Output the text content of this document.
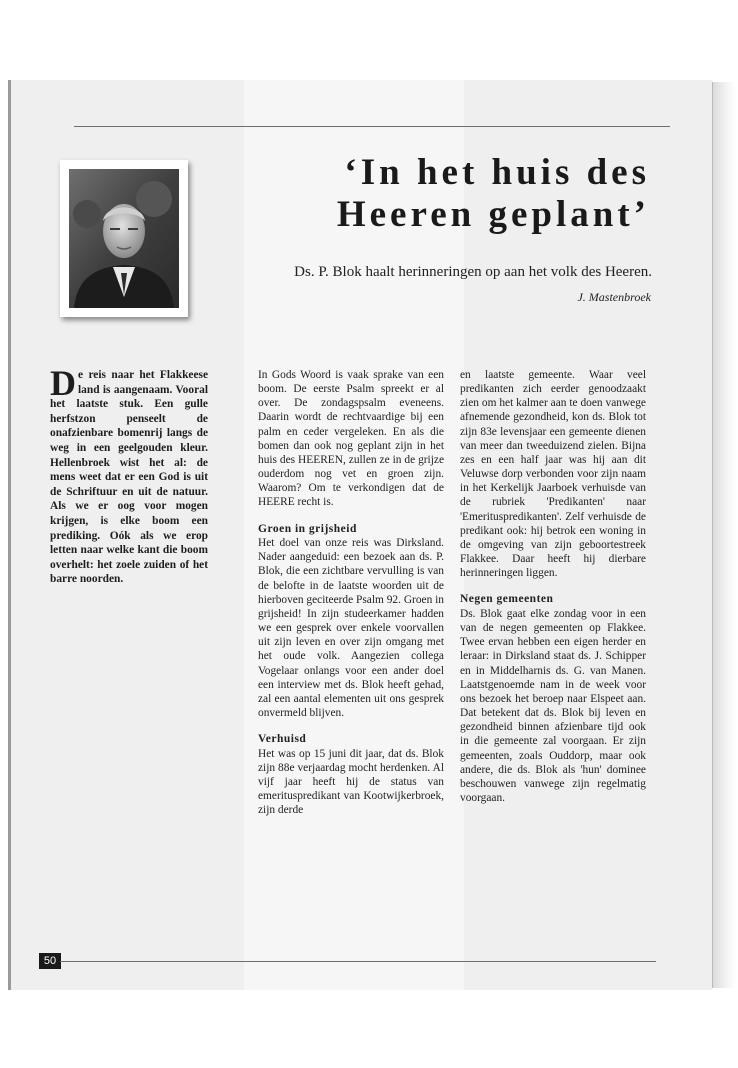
‘In het huis des Heeren geplant’
Ds. P. Blok haalt herinneringen op aan het volk des Heeren.
J. Mastenbroek

De reis naar het Flakkeese land is aangenaam. Vooral het laatste stuk. Een gulle herfstzon penseelt de onafzienbare bomenrij langs de weg in een geelgouden kleur. Hellenbroek wist het al: de mens weet dat er een God is uit de Schriftuur en uit de natuur. Als we er oog voor mogen krijgen, is elke boom een prediking. Oók als we erop letten naar welke kant die boom overhelt: het zoele zuiden of het barre noorden.

In Gods Woord is vaak sprake van een boom. De eerste Psalm spreekt er al over. De zondagspsalm eveneens. Daarin wordt de rechtvaardige bij een palm en ceder vergeleken. En als die bomen dan ook nog geplant zijn in het huis des HEEREN, zullen ze in de grijze ouderdom nog vet en groen zijn. Waarom? Om te verkondigen dat de HEERE recht is.

Groen in grijsheid

Het doel van onze reis was Dirksland. Nader aangeduid: een bezoek aan ds. P. Blok, die een zichtbare vervulling is van de belofte in de laatste woorden uit de hierboven geciteerde Psalm 92. Groen in grijsheid! In zijn studeerkamer hadden we een gesprek over enkele voorvallen uit zijn leven en over zijn omgang met het oude volk. Aangezien collega Vogelaar onlangs voor een ander doel een interview met ds. Blok heeft gehad, zal een aantal elementen uit ons gesprek onvermeld blijven.

Verhuisd

Het was op 15 juni dit jaar, dat ds. Blok zijn 88e verjaardag mocht herdenken. Al vijf jaar heeft hij de status van emerituspredikant van Kootwijkerbroek, zijn derde

en laatste gemeente. Waar veel predikanten zich eerder genoodzaakt zien om het kalmer aan te doen vanwege afnemende gezondheid, kon ds. Blok tot zijn 83e levensjaar een gemeente dienen van meer dan tweeduizend zielen. Bijna zes en een half jaar was hij aan dit Veluwse dorp verbonden voor zijn naam in het Kerkelijk Jaarboek verhuisde van de rubriek 'Predikanten' naar 'Emerituspredikanten'. Zelf verhuisde de predikant ook: hij betrok een woning in de omgeving van zijn geboortestreek Flakkee. Daar heeft hij dierbare herinneringen liggen.

Negen gemeenten

Ds. Blok gaat elke zondag voor in een van de negen gemeenten op Flakkee. Twee ervan hebben een eigen herder en leraar: in Dirksland staat ds. J. Schipper en in Middelharnis ds. G. van Manen. Laatstgenoemde nam in de week voor ons bezoek het beroep naar Elspeet aan. Dat betekent dat ds. Blok bij leven en gezondheid binnen afzienbare tijd ook in die gemeente zal voorgaan. Er zijn gemeenten, zoals Ouddorp, maar ook andere, die ds. Blok als 'hun' dominee beschouwen vanwege zijn regelmatig voorgaan.

50
